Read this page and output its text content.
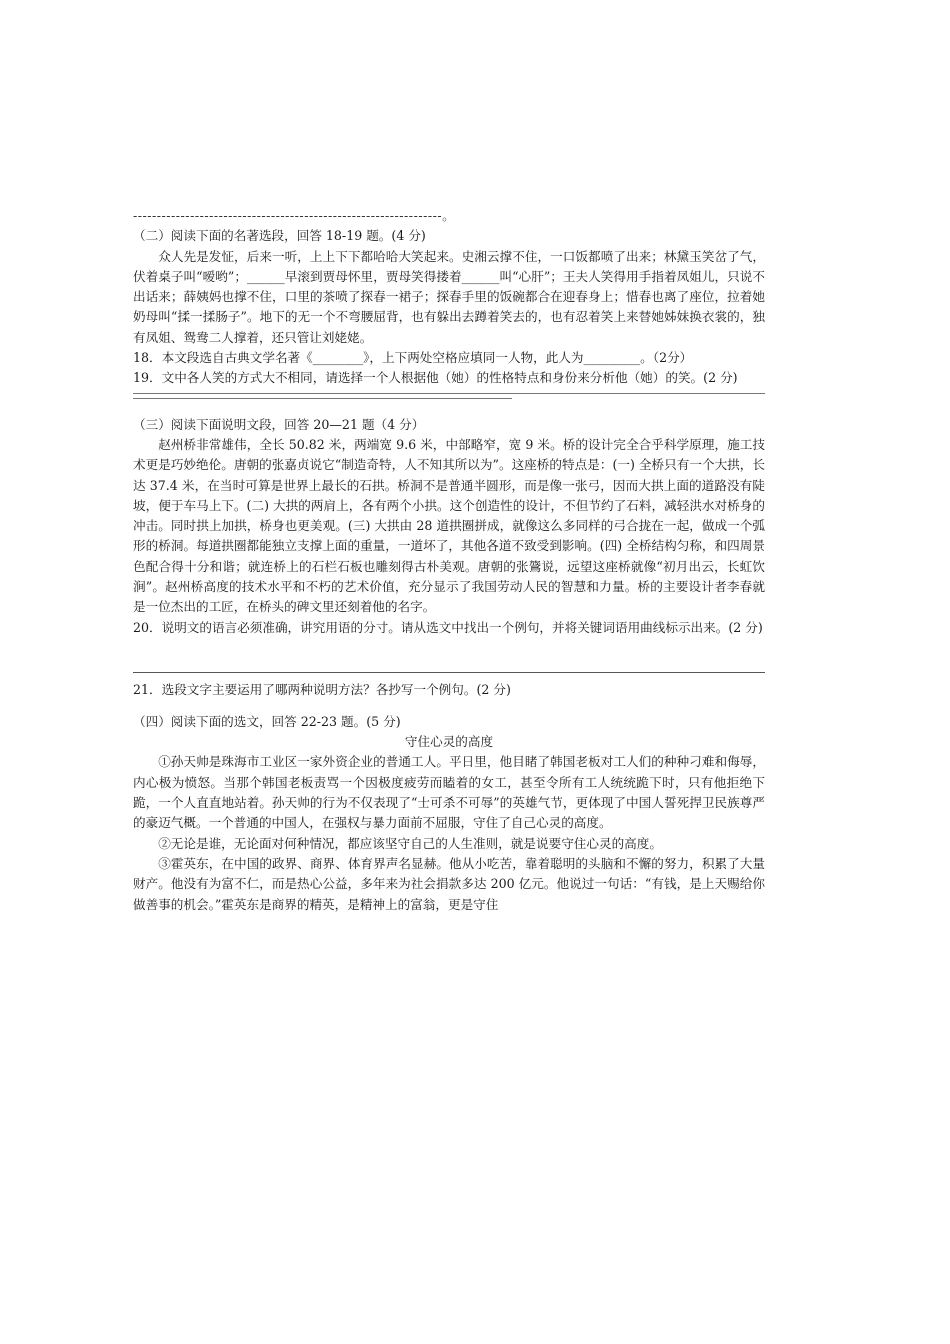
-----------------------------------------------------------------。

（二）阅读下面的名著选段，回答 18-19 题。(4 分)

众人先是发怔，后来一听，上上下下都哈哈大笑起来。史湘云撑不住，一口饭都喷了出来；林黛玉笑岔了气，伏着桌子叫“嗳哟”；______早滚到贾母怀里，贾母笑得搂着______叫“心肝”；王夫人笑得用手指着凤姐儿，只说不出话来；薛姨妈也撑不住，口里的茶喷了探春一裙子；探春手里的饭碗都合在迎春身上；惜春也离了座位，拉着她奶母叫“揉一揉肠子”。地下的无一个不弯腰屈背，也有躲出去蹲着笑去的，也有忍着笑上来替她姊妹换衣裳的，独有凤姐、鸳鸯二人撑着，还只管让刘姥姥。

18．本文段选自古典文学名著《________》，上下两处空格应填同一人物，此人为_________。（2分）

19．文中各人笑的方式大不相同，请选择一个人根据他（她）的性格特点和身份来分析他（她）的笑。(2 分)

（三）阅读下面说明文段，回答 20—21 题（4 分）

赵州桥非常雄伟，全长 50.82 米，两端宽 9.6 米，中部略窄，宽 9 米。桥的设计完全合乎科学原理，施工技术更是巧妙绝伦。唐朝的张嘉贞说它“制造奇特，人不知其所以为”。这座桥的特点是：(一) 全桥只有一个大拱，长达 37.4 米，在当时可算是世界上最长的石拱。桥洞不是普通半圆形，而是像一张弓，因而大拱上面的道路没有陡坡，便于车马上下。(二) 大拱的两肩上，各有两个小拱。这个创造性的设计，不但节约了石料，减轻洪水对桥身的冲击。同时拱上加拱，桥身也更美观。(三) 大拱由 28 道拱圈拼成，就像这么多同样的弓合拢在一起，做成一个弧形的桥洞。每道拱圈都能独立支撑上面的重量，一道坏了，其他各道不致受到影响。(四) 全桥结构匀称，和四周景色配合得十分和谐；就连桥上的石栏石板也雕刻得古朴美观。唐朝的张鷟说，远望这座桥就像“初月出云，长虹饮涧”。赵州桥高度的技术水平和不朽的艺术价值，充分显示了我国劳动人民的智慧和力量。桥的主要设计者李春就是一位杰出的工匠，在桥头的碑文里还刻着他的名字。

20．说明文的语言必须准确，讲究用语的分寸。请从选文中找出一个例句，并将关键词语用曲线标示出来。(2 分)

21．选段文字主要运用了哪两种说明方法？各抄写一个例句。(2 分)

（四）阅读下面的选文，回答 22-23 题。(5 分)

守住心灵的高度

①孙天帅是珠海市工业区一家外资企业的普通工人。平日里，他目睹了韩国老板对工人们的种种刁难和侮辱，内心极为愤怒。当那个韩国老板责骂一个因极度疲劳而瞌着的女工，甚至令所有工人统统跪下时，只有他拒绝下跪，一个人直直地站着。孙天帅的行为不仅表现了“士可杀不可辱”的英雄气节，更体现了中国人誓死捍卫民族尊严的豪迈气概。一个普通的中国人，在强权与暴力面前不屈服，守住了自己心灵的高度。

②无论是谁，无论面对何种情况，都应该坚守自己的人生准则，就是说要守住心灵的高度。

③霍英东，在中国的政界、商界、体育界声名显赫。他从小吃苦，靠着聪明的头脑和不懈的努力，积累了大量财产。他没有为富不仁，而是热心公益，多年来为社会捐款多达 200 亿元。他说过一句话：“有钱，是上天赐给你做善事的机会。”霍英东是商界的精英，是精神上的富翁，更是守住
